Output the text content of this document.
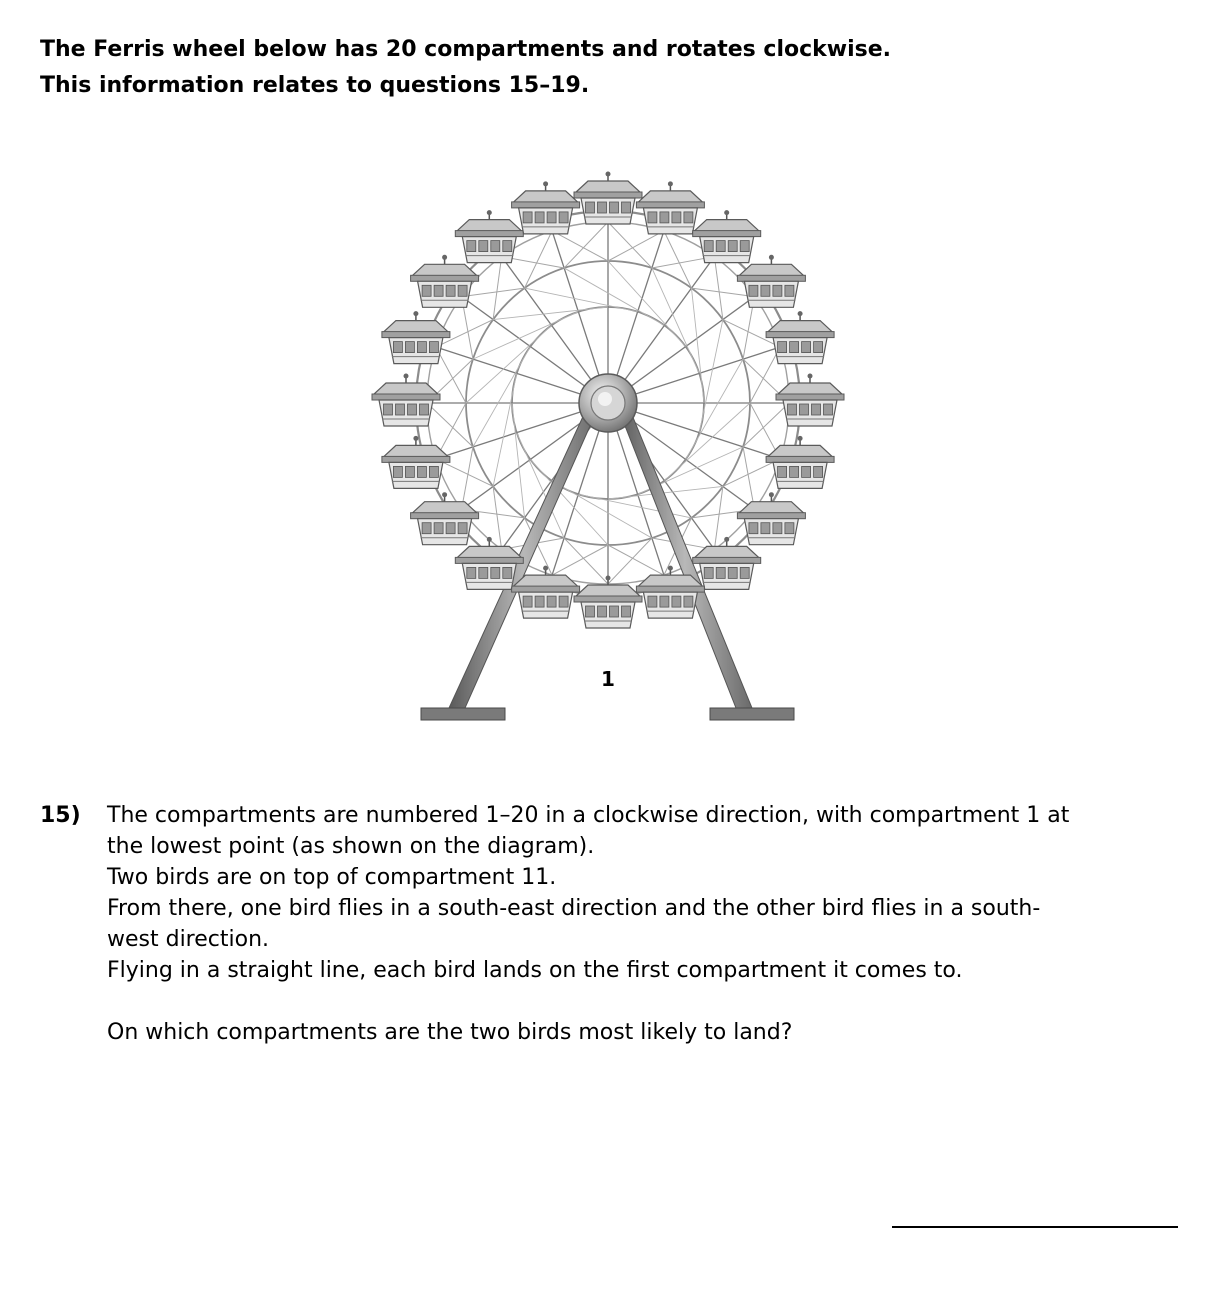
The Ferris wheel below has 20 compartments and rotates clockwise.

This information relates to questions 15–19.

1
15) The compartments are numbered 1–20 in a clockwise direction, with compartment 1 at

the lowest point (as shown on the diagram).

Two birds are on top of compartment 11.

From there, one bird flies in a south-east direction and the other bird flies in a south-

west direction.

Flying in a straight line, each bird lands on the first compartment it comes to.

On which compartments are the two birds most likely to land?
